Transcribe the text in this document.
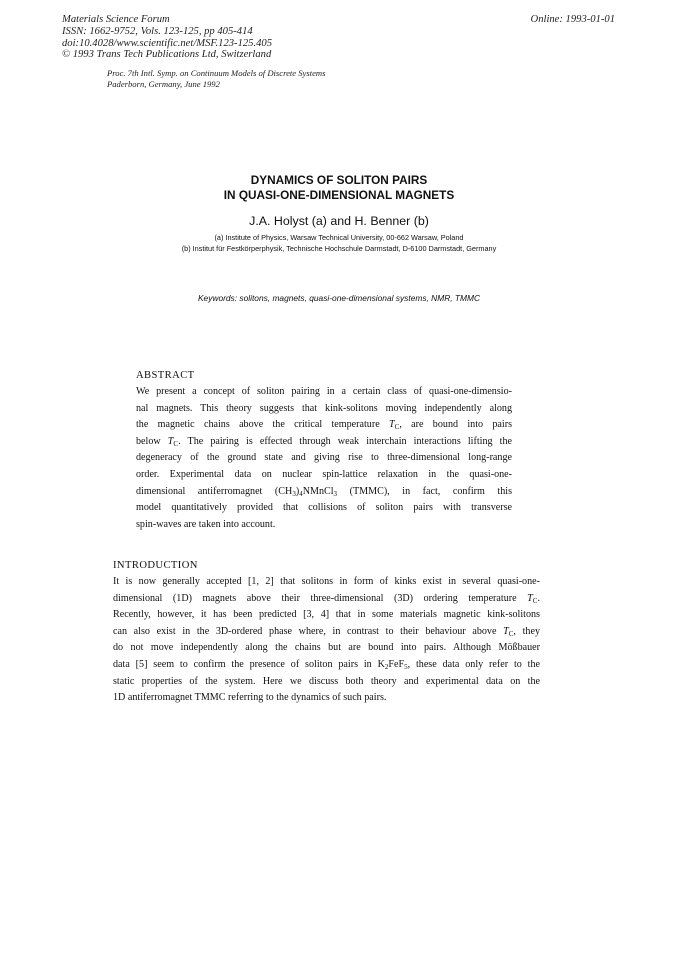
Materials Science Forum
ISSN: 1662-9752, Vols. 123-125, pp 405-414
doi:10.4028/www.scientific.net/MSF.123-125.405
© 1993 Trans Tech Publications Ltd, Switzerland
Online: 1993-01-01
Proc. 7th Intl. Symp. on Continuum Models of Discrete Systems
Paderborn, Germany, June 1992
DYNAMICS OF SOLITON PAIRS
IN QUASI-ONE-DIMENSIONAL MAGNETS
J.A. Holyst (a) and H. Benner (b)
(a) Institute of Physics, Warsaw Technical University, 00-662 Warsaw, Poland
(b) Institut für Festkörperphysik, Technische Hochschule Darmstadt, D-6100 Darmstadt, Germany
Keywords: solitons, magnets, quasi-one-dimensional systems, NMR, TMMC
ABSTRACT
We present a concept of soliton pairing in a certain class of quasi-one-dimensio-
nal magnets. This theory suggests that kink-solitons moving independently along
the magnetic chains above the critical temperature $T_C$, are bound into pairs
below $T_C$. The pairing is effected through weak interchain interactions lifting the
degeneracy of the ground state and giving rise to three-dimensional long-range
order. Experimental data on nuclear spin-lattice relaxation in the quasi-one-
dimensional antiferromagnet $(CH_3)_4NMnCl_3$ (TMMC), in fact, confirm this
model quantitatively provided that collisions of soliton pairs with transverse
spin-waves are taken into account.
INTRODUCTION
It is now generally accepted [1, 2] that solitons in form of kinks exist in several quasi-one-
dimensional (1D) magnets above their three-dimensional (3D) ordering temperature $T_C$.
Recently, however, it has been predicted [3, 4] that in some materials magnetic kink-solitons
can also exist in the 3D-ordered phase where, in contrast to their behaviour above $T_C$, they
do not move independently along the chains but are bound into pairs. Although Mößbauer
data [5] seem to confirm the presence of soliton pairs in $K_2FeF_5$, these data only refer to the
static properties of the system. Here we discuss both theory and experimental data on the
1D antiferromagnet TMMC referring to the dynamics of such pairs.
